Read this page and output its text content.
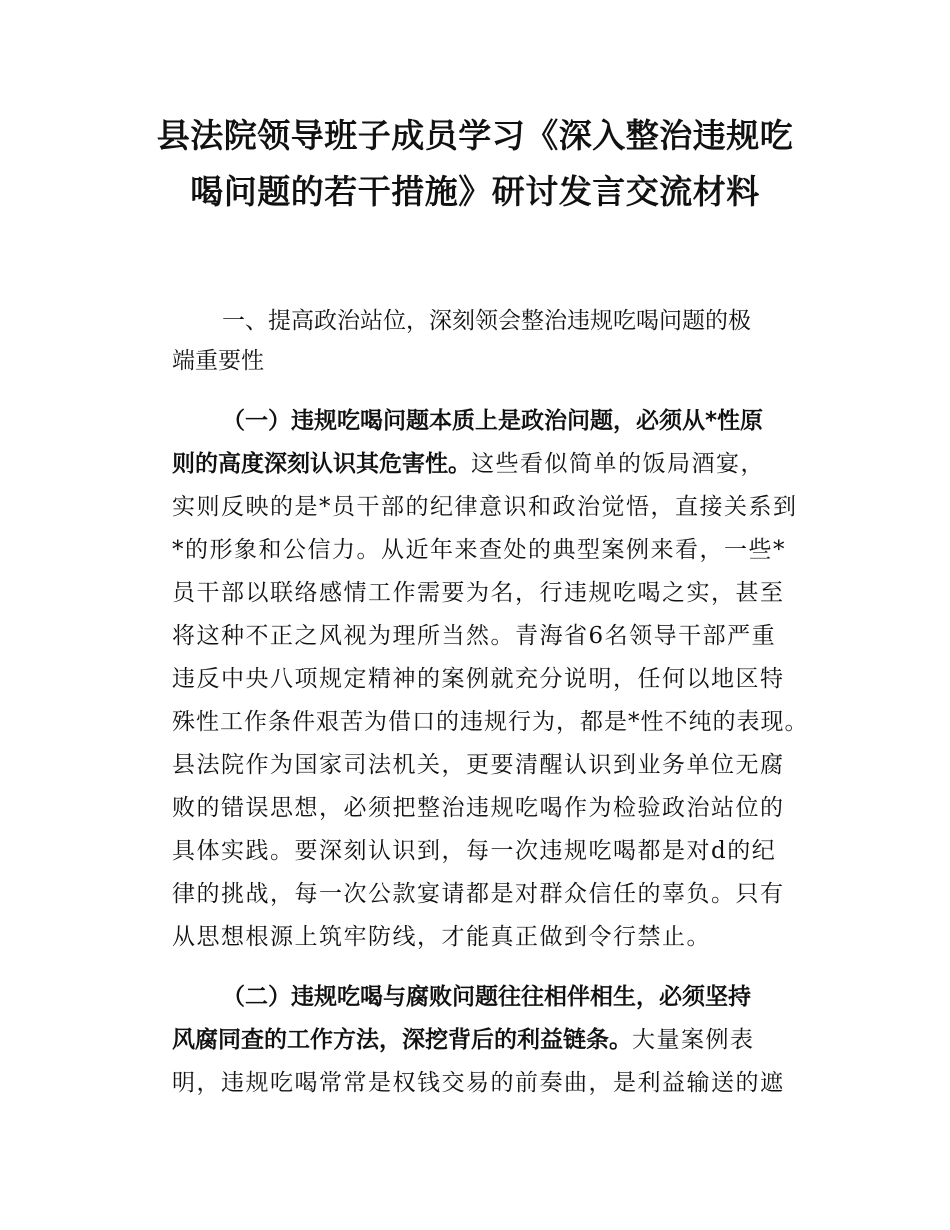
县法院领导班子成员学习《深入整治违规吃
喝问题的若干措施》研讨发言交流材料
一、提高政治站位，深刻领会整治违规吃喝问题的极
端重要性
（一）违规吃喝问题本质上是政治问题，必须从*性原
则的高度深刻认识其危害性。这些看似简单的饭局酒宴，
实则反映的是*员干部的纪律意识和政治觉悟，直接关系到
*的形象和公信力。从近年来查处的典型案例来看，一些*
员干部以联络感情工作需要为名，行违规吃喝之实，甚至
将这种不正之风视为理所当然。青海省6名领导干部严重
违反中央八项规定精神的案例就充分说明，任何以地区特
殊性工作条件艰苦为借口的违规行为，都是*性不纯的表现。
县法院作为国家司法机关，更要清醒认识到业务单位无腐
败的错误思想，必须把整治违规吃喝作为检验政治站位的
具体实践。要深刻认识到，每一次违规吃喝都是对d的纪
律的挑战，每一次公款宴请都是对群众信任的辜负。只有
从思想根源上筑牢防线，才能真正做到令行禁止。
（二）违规吃喝与腐败问题往往相伴相生，必须坚持
风腐同查的工作方法，深挖背后的利益链条。大量案例表
明，违规吃喝常常是权钱交易的前奏曲，是利益输送的遮
